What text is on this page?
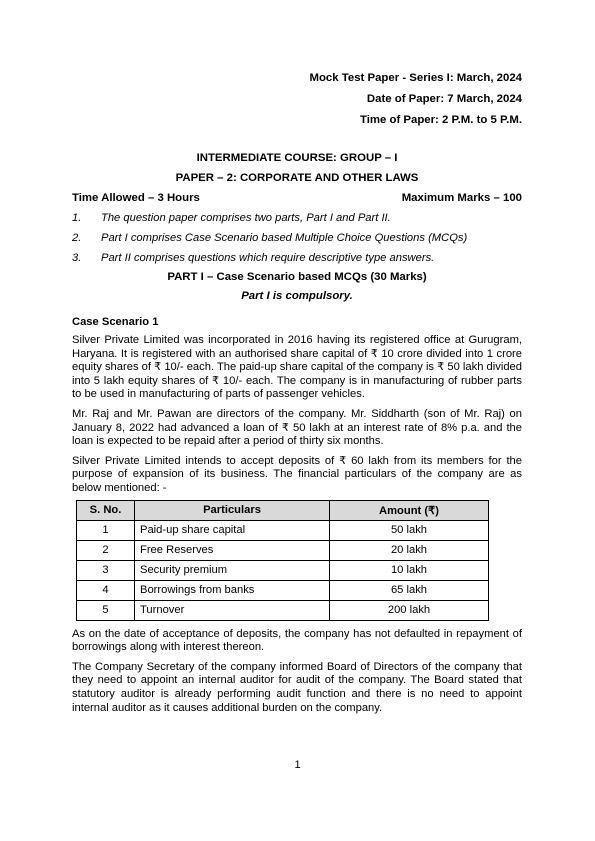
Mock Test Paper - Series I: March, 2024
Date of Paper: 7 March, 2024
Time of Paper: 2 P.M. to 5 P.M.
INTERMEDIATE COURSE: GROUP – I
PAPER – 2: CORPORATE AND OTHER LAWS
Time Allowed – 3 Hours	Maximum Marks – 100
1.	The question paper comprises two parts, Part I and Part II.
2.	Part I comprises Case Scenario based Multiple Choice Questions (MCQs)
3.	Part II comprises questions which require descriptive type answers.
PART I – Case Scenario based MCQs (30 Marks)
Part I is compulsory.
Case Scenario 1

Silver Private Limited was incorporated in 2016 having its registered office at Gurugram, Haryana. It is registered with an authorised share capital of ₹ 10 crore divided into 1 crore equity shares of ₹ 10/- each. The paid-up share capital of the company is ₹ 50 lakh divided into 5 lakh equity shares of ₹ 10/- each. The company is in manufacturing of rubber parts to be used in manufacturing of parts of passenger vehicles.

Mr. Raj and Mr. Pawan are directors of the company. Mr. Siddharth (son of Mr. Raj) on January 8, 2022 had advanced a loan of ₹ 50 lakh at an interest rate of 8% p.a. and the loan is expected to be repaid after a period of thirty six months.

Silver Private Limited intends to accept deposits of ₹ 60 lakh from its members for the purpose of expansion of its business. The financial particulars of the company are as below mentioned: -

S. No.	Particulars	Amount (₹)
1	Paid-up share capital	50 lakh
2	Free Reserves	20 lakh
3	Security premium	10 lakh
4	Borrowings from banks	65 lakh
5	Turnover	200 lakh

As on the date of acceptance of deposits, the company has not defaulted in repayment of borrowings along with interest thereon.

The Company Secretary of the company informed Board of Directors of the company that they need to appoint an internal auditor for audit of the company. The Board stated that statutory auditor is already performing audit function and there is no need to appoint internal auditor as it causes additional burden on the company.

1
